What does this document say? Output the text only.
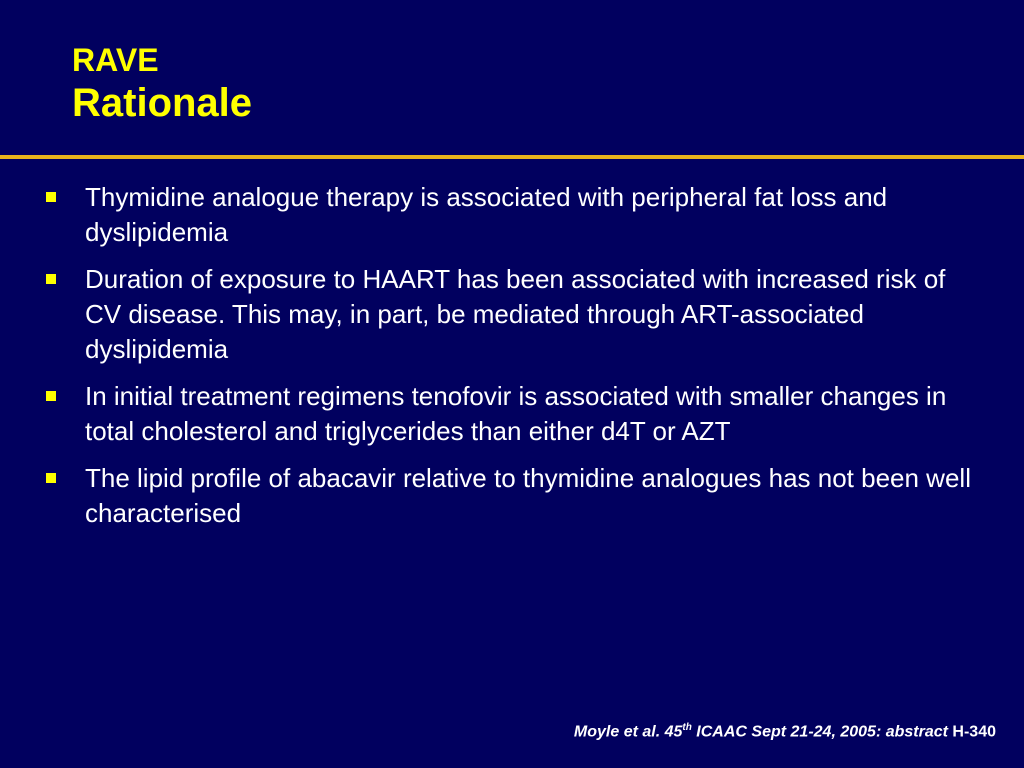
RAVE
Rationale
Thymidine analogue therapy is associated with peripheral fat loss and dyslipidemia
Duration of exposure to HAART has been associated with increased risk of CV disease. This may, in part, be mediated through ART-associated dyslipidemia
In initial treatment regimens tenofovir is associated with smaller changes in total cholesterol and triglycerides than either d4T or AZT
The lipid profile of abacavir relative to thymidine analogues has not been well characterised
Moyle et al. 45th ICAAC Sept 21-24, 2005: abstract H-340
